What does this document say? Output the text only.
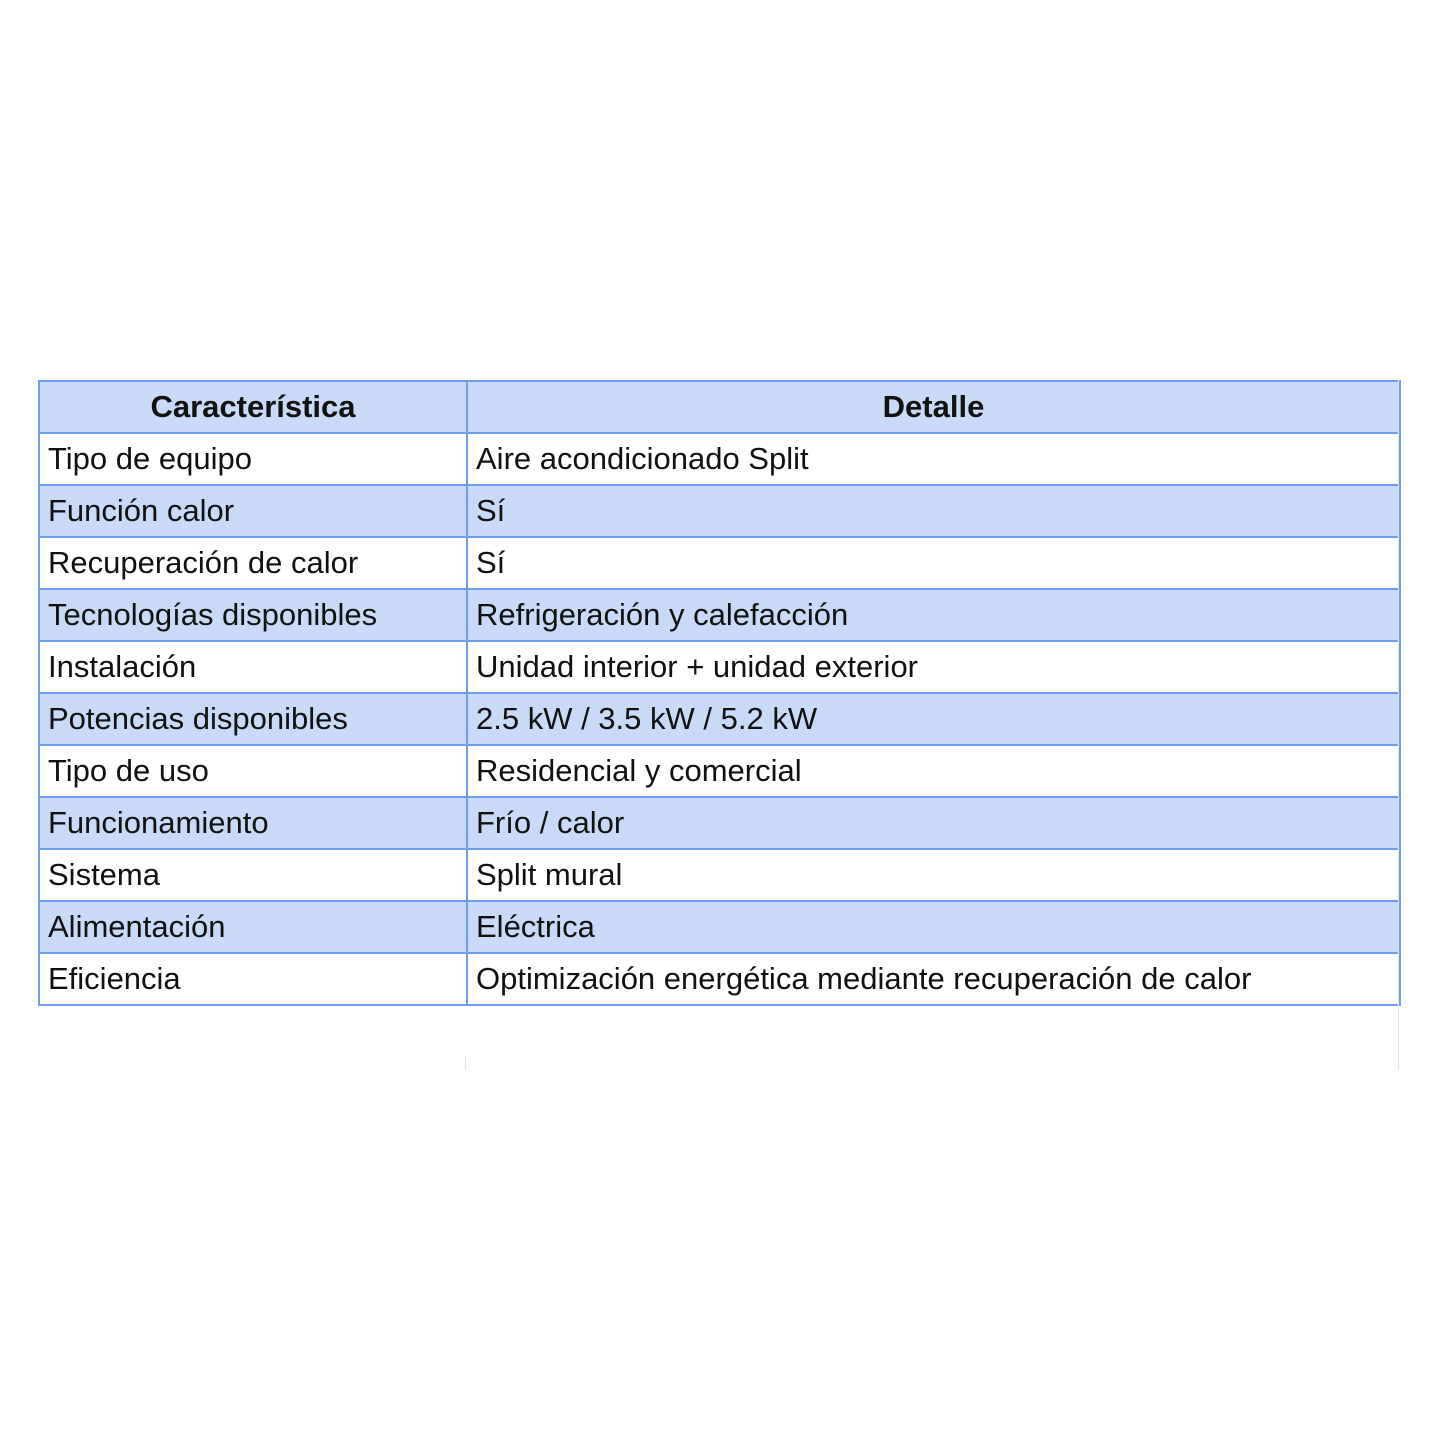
Característica	Detalle
Tipo de equipo	Aire acondicionado Split
Función calor	Sí
Recuperación de calor	Sí
Tecnologías disponibles	Refrigeración y calefacción
Instalación	Unidad interior + unidad exterior
Potencias disponibles	2.5 kW / 3.5 kW / 5.2 kW
Tipo de uso	Residencial y comercial
Funcionamiento	Frío / calor
Sistema	Split mural
Alimentación	Eléctrica
Eficiencia	Optimización energética mediante recuperación de calor
